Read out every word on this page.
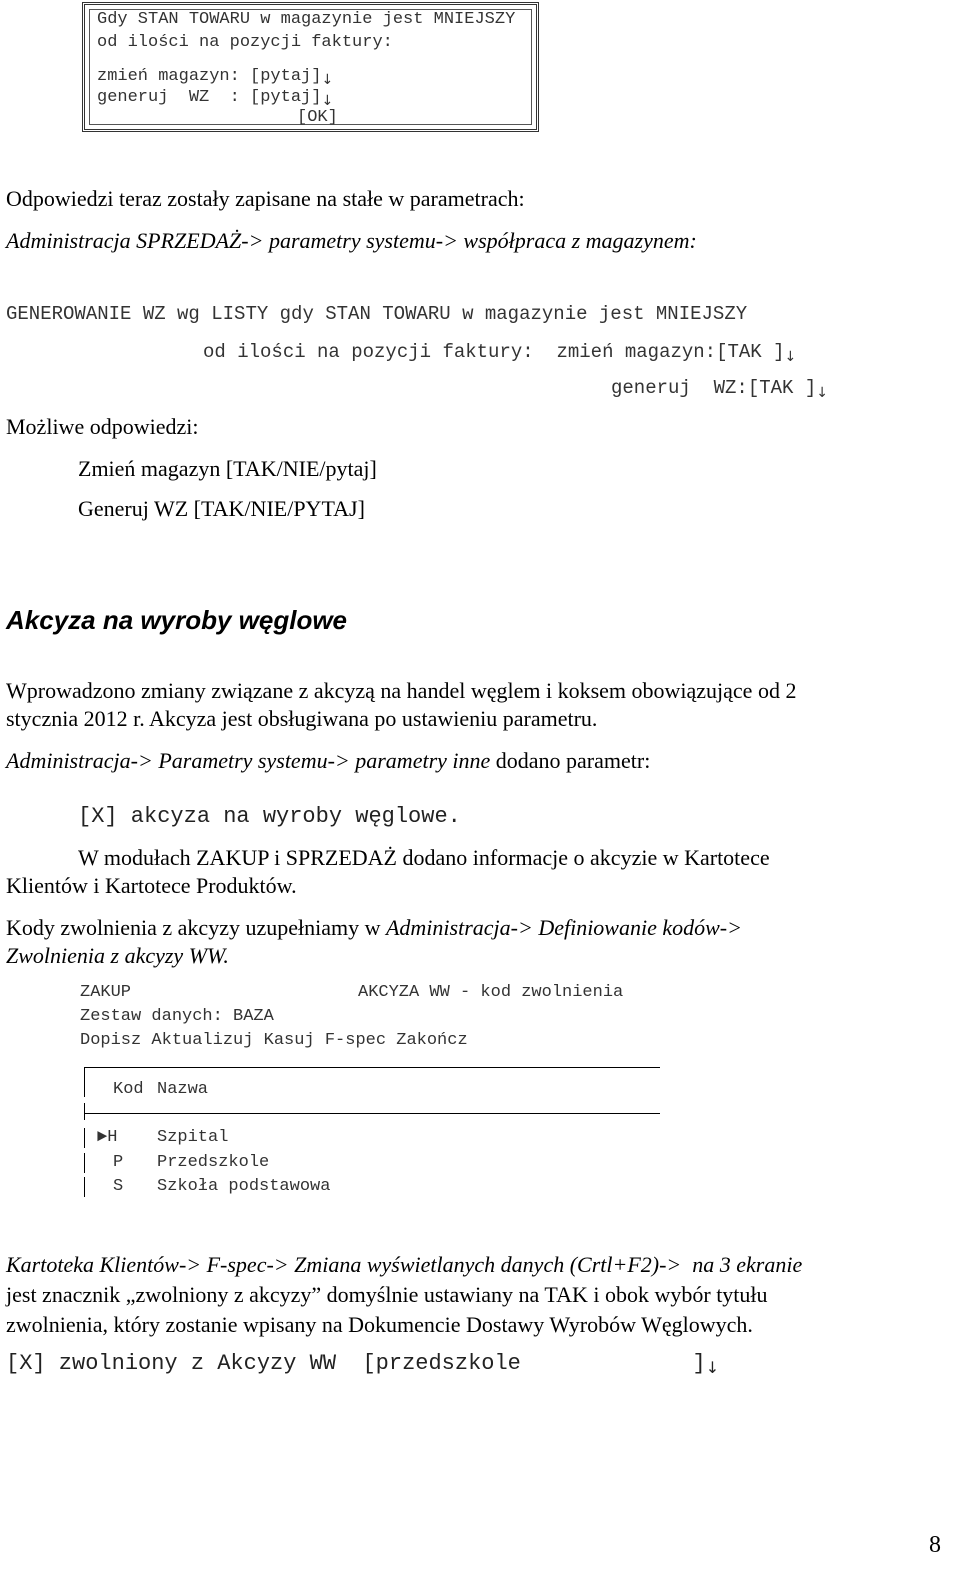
Gdy STAN TOWARU w magazynie jest MNIEJSZY
od ilości na pozycji faktury:
zmień magazyn: $[pytaj]_↓$
generuj  WZ  : $[pytaj]_↓$
[OK]
Odpowiedzi teraz zostały zapisane na stałe w parametrach:
Administracja SPRZEDAŻ-> parametry systemu-> współpraca z magazynem:
GENEROWANIE WZ wg LISTY gdy STAN TOWARU w magazynie jest MNIEJSZY
od ilości na pozycji faktury:  zmień magazyn:[TAK ]$_↓$
generuj  WZ:[TAK ]$_↓$
Możliwe odpowiedzi:
Zmień magazyn [TAK/NIE/pytaj]
Generuj WZ [TAK/NIE/PYTAJ]
Akcyza na wyroby węglowe
Wprowadzono zmiany związane z akcyzą na handel węglem i koksem obowiązujące od 2
stycznia 2012 r. Akcyza jest obsługiwana po ustawieniu parametru.
Administracja-> Parametry systemu-> parametry inne dodano parametr:
[X] akcyza na wyroby węglowe.
W modułach ZAKUP i SPRZEDAŻ dodano informacje o akcyzie w Kartotece
Klientów i Kartotece Produktów.
Kody zwolnienia z akcyzy uzupełniamy w Administracja-> Definiowanie kodów->
Zwolnienia z akcyzy WW.
ZAKUP	AKCYZA WW - kod zwolnienia
Zestaw danych: BAZA
Dopisz Aktualizuj Kasuj F-spec Zakończ
Kod Nazwa
►H Szpital
P Przedszkole
S Szkoła podstawowa
Kartoteka Klientów-> F-spec-> Zmiana wyświetlanych danych (Crtl+F2)->  na 3 ekranie
jest znacznik „zwolniony z akcyzy” domyślnie ustawiany na TAK i obok wybór tytułu
zwolnienia, który zostanie wpisany na Dokumencie Dostawy Wyrobów Węglowych.
[X] zwolniony z Akcyzy WW  [przedszkole             ]↓
8
